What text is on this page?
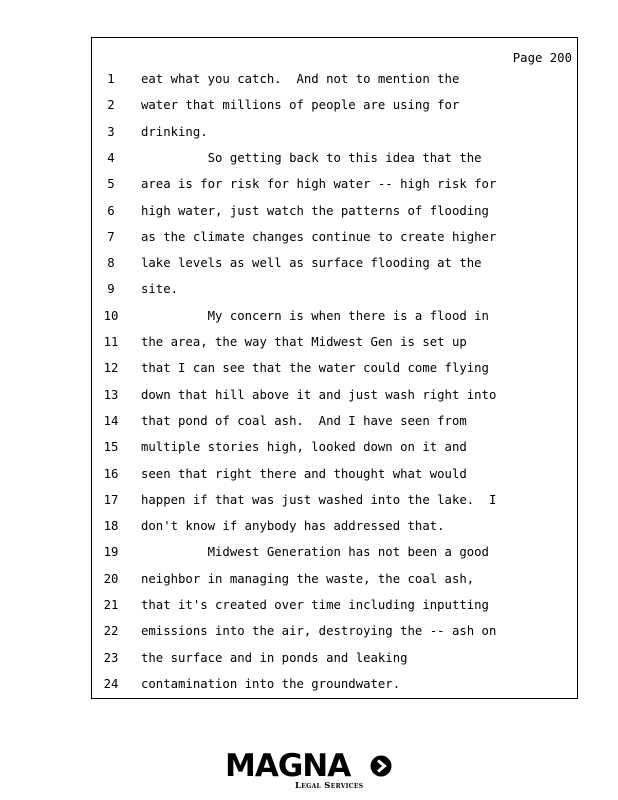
Page 200
1	eat what you catch.  And not to mention the
2	water that millions of people are using for
3	drinking.
4	So getting back to this idea that the
5	area is for risk for high water -- high risk for
6	high water, just watch the patterns of flooding
7	as the climate changes continue to create higher
8	lake levels as well as surface flooding at the
9	site.
10 My concern is when there is a flood in
11 the area, the way that Midwest Gen is set up
12 that I can see that the water could come flying
13 down that hill above it and just wash right into
14 that pond of coal ash.  And I have seen from
15 multiple stories high, looked down on it and
16 seen that right there and thought what would
17 happen if that was just washed into the lake.  I
18 don't know if anybody has addressed that.
19 Midwest Generation has not been a good
20 neighbor in managing the waste, the coal ash,
21 that it's created over time including inputting
22 emissions into the air, destroying the -- ash on
23 the surface and in ponds and leaking
24 contamination into the groundwater.
MAGNA
Legal Services
